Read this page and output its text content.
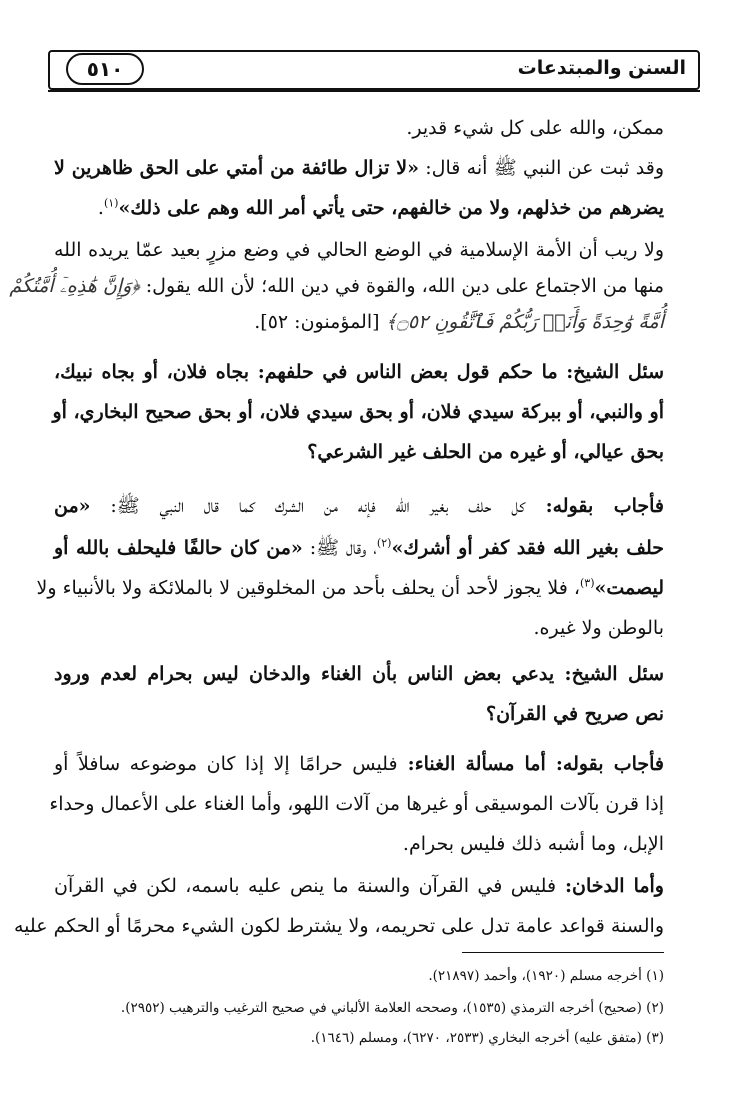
٥١٠	السنن والمبتدعات
ممكن، والله على كل شيء قدير.
وقد ثبت عن النبي ﷺ أنه قال: «لا تزال طائفة من أمتي على الحق ظاهرين لا
يضرهم من خذلهم، ولا من خالفهم، حتى يأتي أمر الله وهم على ذلك»$^{(١)}$.
ولا ريب أن الأمة الإسلامية في الوضع الحالي في وضع مزرٍ بعيد عمّا يريده الله
منها من الاجتماع على دين الله، والقوة في دين الله؛ لأن الله يقول: ﴿وَإِنَّ هَٰذِهِۦٓ أُمَّتُكُمْ
أُمَّةً وَٰحِدَةً وَأَنَا۠ رَبُّكُمْ فَٱتَّقُونِ ۝٥٢﴾ [المؤمنون: ٥٢].
سئل الشيخ: ما حكم قول بعض الناس في حلفهم: بجاه فلان، أو بجاه نبيك،
أو والنبي، أو ببركة سيدي فلان، أو بحق سيدي فلان، أو بحق صحيح البخاري، أو
بحق عيالي، أو غيره من الحلف غير الشرعي؟
فأجاب بقوله: كل حلف بغير الله فإنه من الشرك كما قال النبي ﷺ: «من
حلف بغير الله فقد كفر أو أشرك»$^{(٢)}$، وقال ﷺ: «من كان حالفًا فليحلف بالله أو
ليصمت»$^{(٣)}$، فلا يجوز لأحد أن يحلف بأحد من المخلوقين لا بالملائكة ولا بالأنبياء ولا
بالوطن ولا غيره.
سئل الشيخ: يدعي بعض الناس بأن الغناء والدخان ليس بحرام لعدم ورود
نص صريح في القرآن؟
فأجاب بقوله: أما مسألة الغناء: فليس حرامًا إلا إذا كان موضوعه سافلاً أو
إذا قرن بآلات الموسيقى أو غيرها من آلات اللهو، وأما الغناء على الأعمال وحداء
الإبل، وما أشبه ذلك فليس بحرام.
وأما الدخان: فليس في القرآن والسنة ما ينص عليه باسمه، لكن في القرآن
والسنة قواعد عامة تدل على تحريمه، ولا يشترط لكون الشيء محرمًا أو الحكم عليه
(١) أخرجه مسلم (١٩٢٠)، وأحمد (٢١٨٩٧).
(٢) (صحيح) أخرجه الترمذي (١٥٣٥)، وصححه العلامة الألباني في صحيح الترغيب والترهيب (٢٩٥٢).
(٣) (متفق عليه) أخرجه البخاري (٢٥٣٣، ٦٢٧٠)، ومسلم (١٦٤٦).
